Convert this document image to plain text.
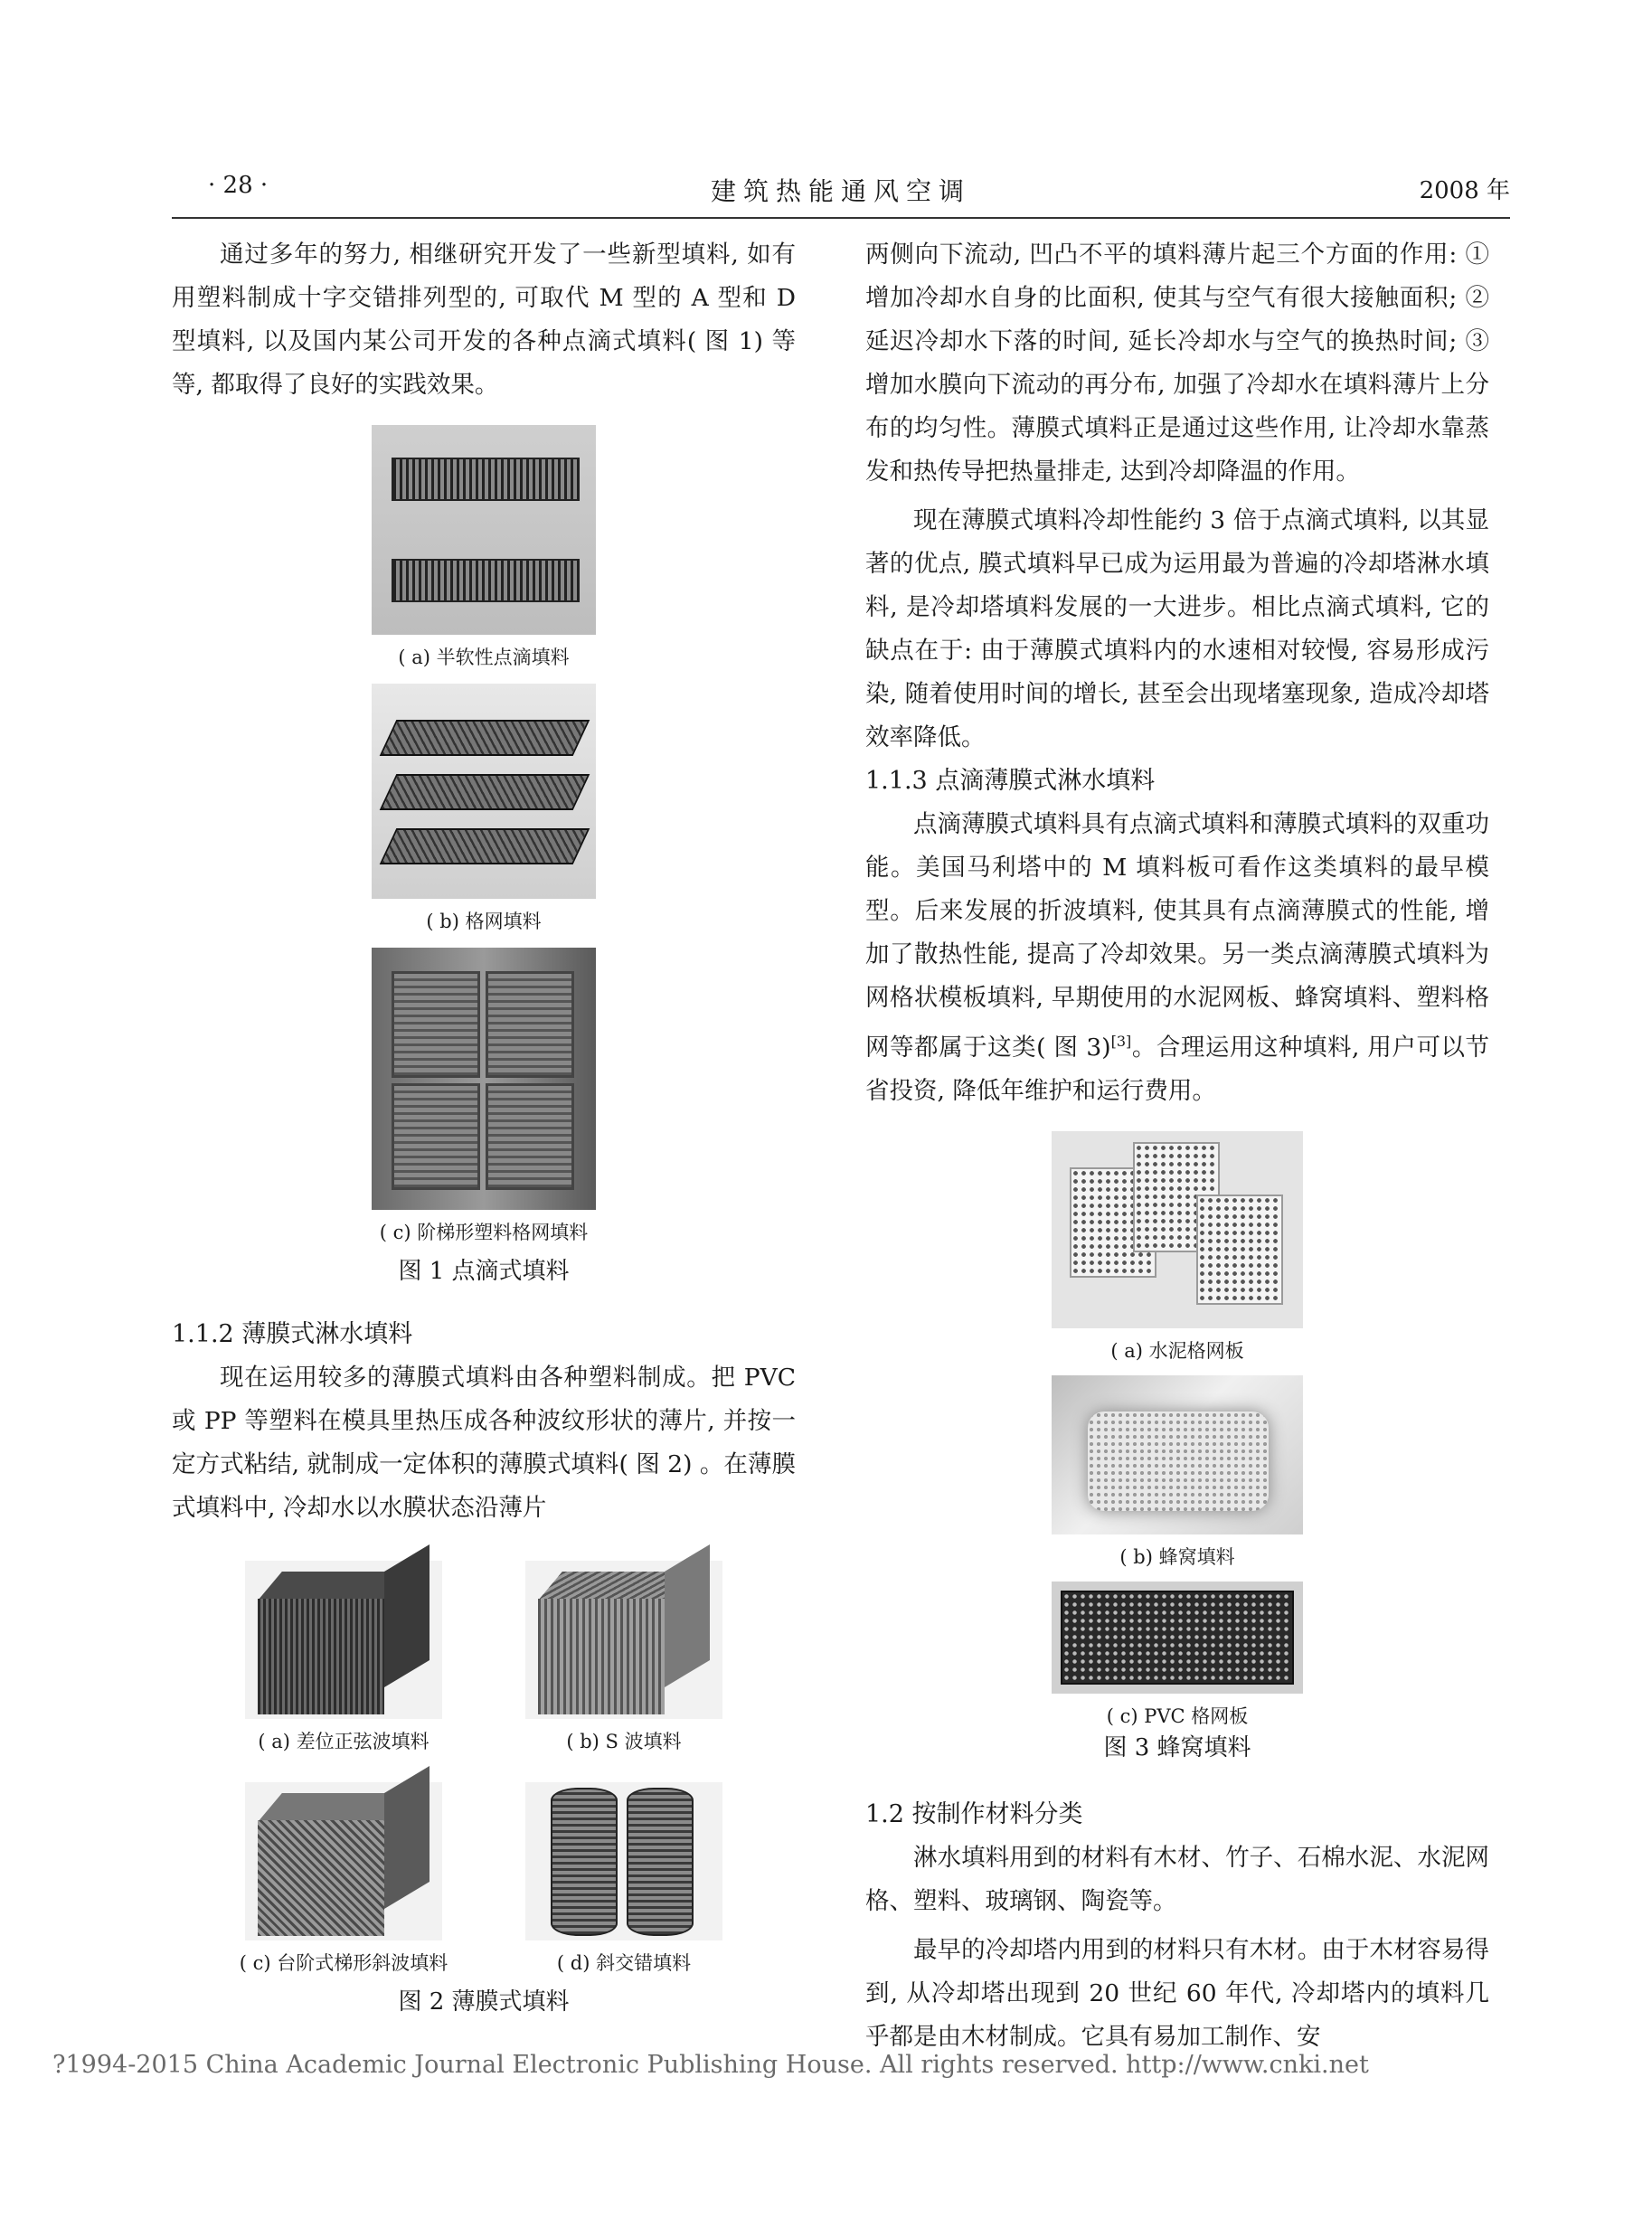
· 28 ·	建筑热能通风空调	2008 年

通过多年的努力, 相继研究开发了一些新型填料, 如有用塑料制成十字交错排列型的, 可取代 M 型的 A 型和 D 型填料, 以及国内某公司开发的各种点滴式填料( 图 1) 等等, 都取得了良好的实践效果。

( a) 半软性点滴填料

( b) 格网填料

( c) 阶梯形塑料格网填料

图 1 点滴式填料

1.1.2 薄膜式淋水填料

现在运用较多的薄膜式填料由各种塑料制成。把 PVC 或 PP 等塑料在模具里热压成各种波纹形状的薄片, 并按一定方式粘结, 就制成一定体积的薄膜式填料( 图 2) 。在薄膜式填料中, 冷却水以水膜状态沿薄片

( a) 差位正弦波填料	( b) S 波填料

( c) 台阶式梯形斜波填料	( d) 斜交错填料

图 2 薄膜式填料

两侧向下流动, 凹凸不平的填料薄片起三个方面的作用: ①增加冷却水自身的比面积, 使其与空气有很大接触面积; ②延迟冷却水下落的时间, 延长冷却水与空气的换热时间; ③增加水膜向下流动的再分布, 加强了冷却水在填料薄片上分布的均匀性。薄膜式填料正是通过这些作用, 让冷却水靠蒸发和热传导把热量排走, 达到冷却降温的作用。

现在薄膜式填料冷却性能约 3 倍于点滴式填料, 以其显著的优点, 膜式填料早已成为运用最为普遍的冷却塔淋水填料, 是冷却塔填料发展的一大进步。相比点滴式填料, 它的缺点在于: 由于薄膜式填料内的水速相对较慢, 容易形成污染, 随着使用时间的增长, 甚至会出现堵塞现象, 造成冷却塔效率降低。

1.1.3 点滴薄膜式淋水填料

点滴薄膜式填料具有点滴式填料和薄膜式填料的双重功能。美国马利塔中的 M 填料板可看作这类填料的最早模型。后来发展的折波填料, 使其具有点滴薄膜式的性能, 增加了散热性能, 提高了冷却效果。另一类点滴薄膜式填料为网格状模板填料, 早期使用的水泥网板、蜂窝填料、塑料格网等都属于这类( 图 3)[3]。合理运用这种填料, 用户可以节省投资, 降低年维护和运行费用。

( a) 水泥格网板

( b) 蜂窝填料

( c) PVC 格网板

图 3 蜂窝填料

1.2 按制作材料分类

淋水填料用到的材料有木材、竹子、石棉水泥、水泥网格、塑料、玻璃钢、陶瓷等。

最早的冷却塔内用到的材料只有木材。由于木材容易得到, 从冷却塔出现到 20 世纪 60 年代, 冷却塔内的填料几乎都是由木材制成。它具有易加工制作、安

?1994-2015 China Academic Journal Electronic Publishing House. All rights reserved. http://www.cnki.net
